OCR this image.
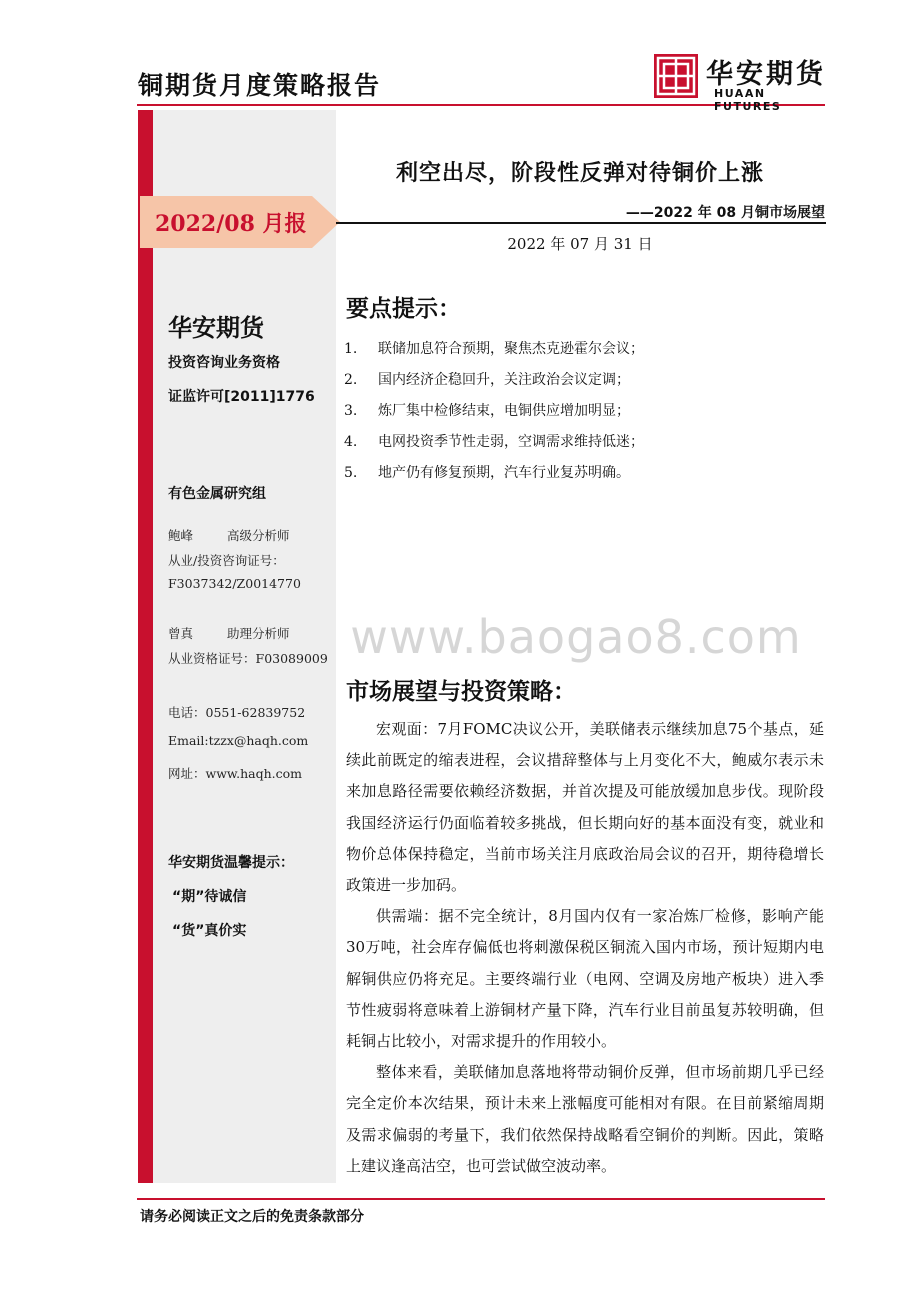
铜期货月度策略报告	华安期货
HUAAN FUTURES
2022/08 月报
华安期货
投资咨询业务资格
证监许可[2011]1776
有色金属研究组
鲍峰	高级分析师
从业/投资咨询证号：
F3037342/Z0014770
曾真	助理分析师
从业资格证号：F03089009
电话：0551-62839752
Email:tzzx@haqh.com
网址：www.haqh.com
华安期货温馨提示：
“期”待诚信
“货”真价实
利空出尽，阶段性反弹对待铜价上涨
——2022 年 08 月铜市场展望
2022 年 07 月 31 日
要点提示：
1. 联储加息符合预期，聚焦杰克逊霍尔会议；
2. 国内经济企稳回升，关注政治会议定调；
3. 炼厂集中检修结束，电铜供应增加明显；
4. 电网投资季节性走弱，空调需求维持低迷；
5. 地产仍有修复预期，汽车行业复苏明确。
www.baogao8.com
市场展望与投资策略：

宏观面：7月FOMC决议公开，美联储表示继续加息75个基点，延续此前既定的缩表进程，会议措辞整体与上月变化不大，鲍威尔表示未来加息路径需要依赖经济数据，并首次提及可能放缓加息步伐。现阶段我国经济运行仍面临着较多挑战，但长期向好的基本面没有变，就业和物价总体保持稳定，当前市场关注月底政治局会议的召开，期待稳增长政策进一步加码。

供需端：据不完全统计，8月国内仅有一家冶炼厂检修，影响产能30万吨，社会库存偏低也将刺激保税区铜流入国内市场，预计短期内电解铜供应仍将充足。主要终端行业（电网、空调及房地产板块）进入季节性疲弱将意味着上游铜材产量下降，汽车行业目前虽复苏较明确，但耗铜占比较小，对需求提升的作用较小。

整体来看，美联储加息落地将带动铜价反弹，但市场前期几乎已经完全定价本次结果，预计未来上涨幅度可能相对有限。在目前紧缩周期及需求偏弱的考量下，我们依然保持战略看空铜价的判断。因此，策略上建议逢高沽空，也可尝试做空波动率。

请务必阅读正文之后的免责条款部分
